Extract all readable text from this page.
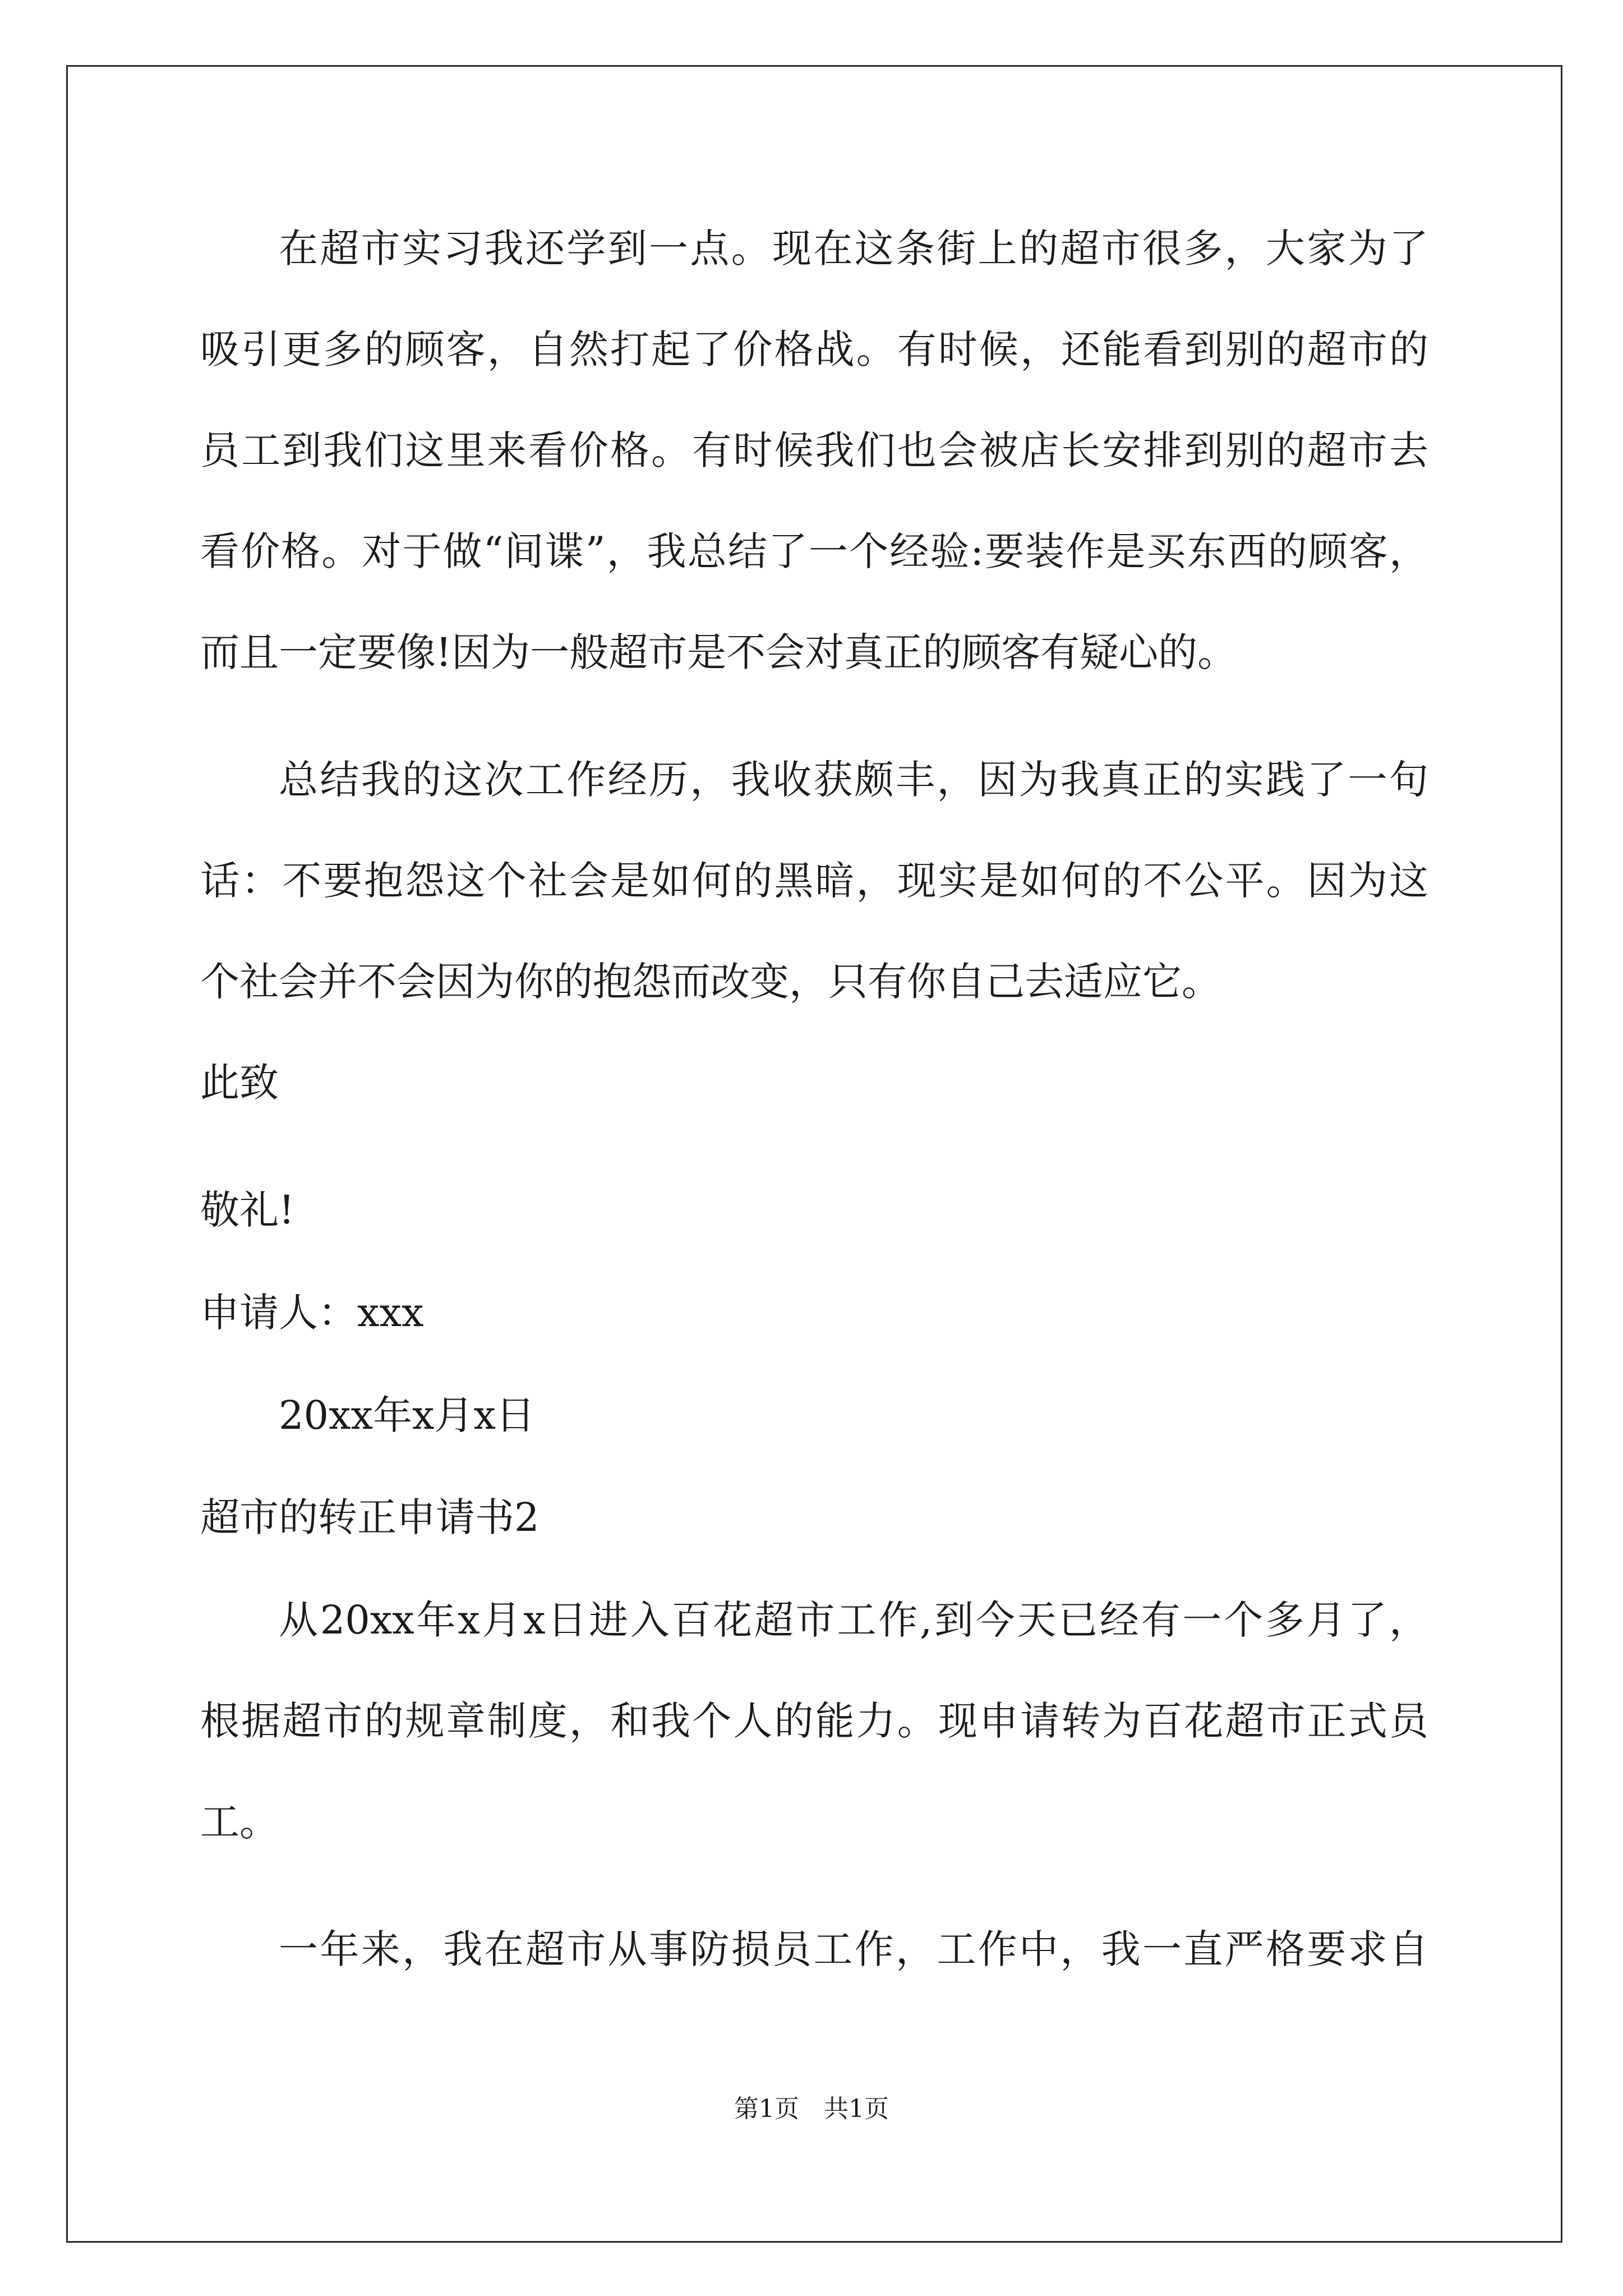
在超市实习我还学到一点。现在这条街上的超市很多，大家为了
吸引更多的顾客，自然打起了价格战。有时候，还能看到别的超市的
员工到我们这里来看价格。有时候我们也会被店长安排到别的超市去
看价格。对于做“间谍”，我总结了一个经验:要装作是买东西的顾客，
而且一定要像!因为一般超市是不会对真正的顾客有疑心的。
总结我的这次工作经历，我收获颇丰，因为我真正的实践了一句
话：不要抱怨这个社会是如何的黑暗，现实是如何的不公平。因为这
个社会并不会因为你的抱怨而改变，只有你自己去适应它。
此致
敬礼!
申请人：xxx
20xx年x月x日
超市的转正申请书2
从20xx年x月x日进入百花超市工作,到今天已经有一个多月了，
根据超市的规章制度，和我个人的能力。现申请转为百花超市正式员
工。
一年来，我在超市从事防损员工作，工作中，我一直严格要求自
第1页　共1页
